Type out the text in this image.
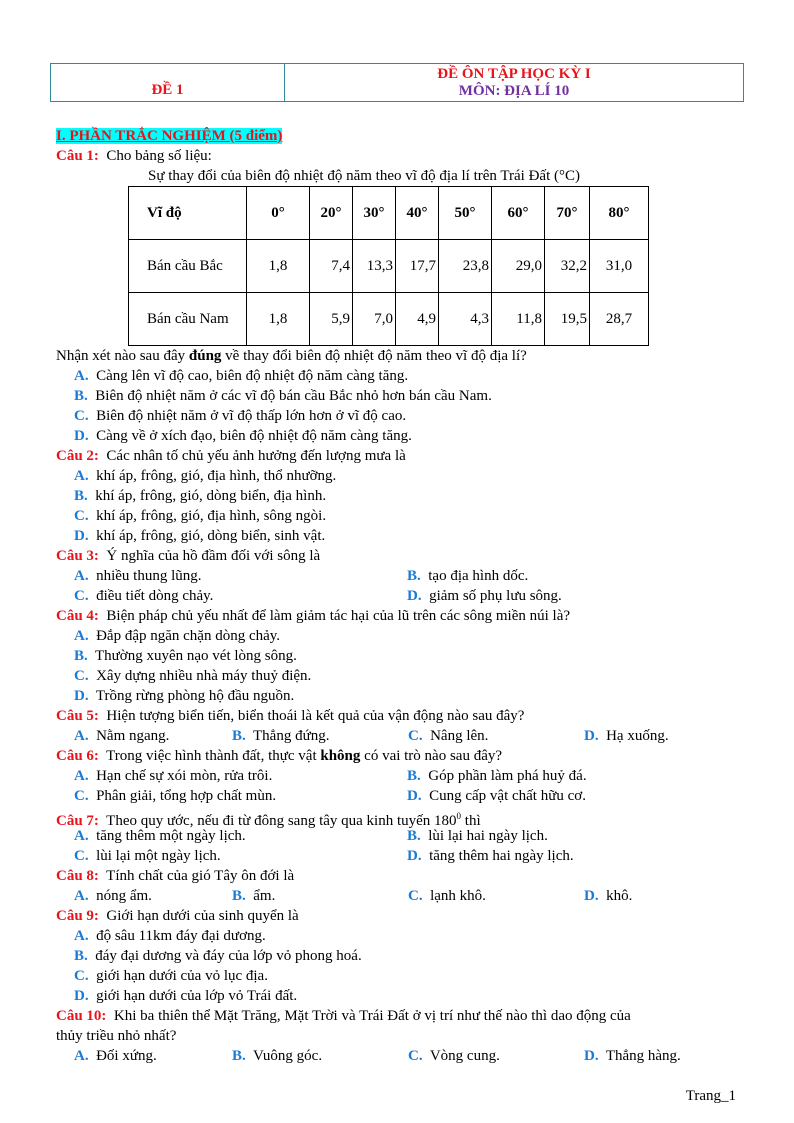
ĐỀ 1
ĐỀ ÔN TẬP HỌC KỲ I
MÔN: ĐỊA LÍ 10
I. PHẦN TRẮC NGHIỆM (5 điểm)
Câu 1: Cho bảng số liệu:
Sự thay đổi của biên độ nhiệt độ năm theo vĩ độ địa lí trên Trái Đất (°C)
Vĩ độ	0°	20°	30°	40°	50°	60°	70°	80°
Bán cầu Bắc	1,8	7,4	13,3	17,7	23,8	29,0	32,2	31,0
Bán cầu Nam	1,8	5,9	7,0	4,9	4,3	11,8	19,5	28,7
Nhận xét nào sau đây đúng về thay đổi biên độ nhiệt độ năm theo vĩ độ địa lí?
A. Càng lên vĩ độ cao, biên độ nhiệt độ năm càng tăng.
B. Biên độ nhiệt năm ở các vĩ độ bán cầu Bắc nhỏ hơn bán cầu Nam.
C. Biên độ nhiệt năm ở vĩ độ thấp lớn hơn ở vĩ độ cao.
D. Càng về ở xích đạo, biên độ nhiệt độ năm càng tăng.
Câu 2: Các nhân tố chủ yếu ảnh hưởng đến lượng mưa là
A. khí áp, frông, gió, địa hình, thổ nhưỡng.
B. khí áp, frông, gió, dòng biển, địa hình.
C. khí áp, frông, gió, địa hình, sông ngòi.
D. khí áp, frông, gió, dòng biển, sinh vật.
Câu 3: Ý nghĩa của hồ đầm đối với sông là
A. nhiều thung lũng.	B. tạo địa hình dốc.
C. điều tiết dòng chảy.	D. giảm số phụ lưu sông.
Câu 4: Biện pháp chủ yếu nhất để làm giảm tác hại của lũ trên các sông miền núi là?
A. Đắp đập ngăn chặn dòng chảy.
B. Thường xuyên nạo vét lòng sông.
C. Xây dựng nhiều nhà máy thuỷ điện.
D. Trồng rừng phòng hộ đầu nguồn.
Câu 5: Hiện tượng biển tiến, biển thoái là kết quả của vận động nào sau đây?
A. Nằm ngang.	B. Thẳng đứng.	C. Nâng lên.	D. Hạ xuống.
Câu 6: Trong việc hình thành đất, thực vật không có vai trò nào sau đây?
A. Hạn chế sự xói mòn, rửa trôi.	B. Góp phần làm phá huỷ đá.
C. Phân giải, tổng hợp chất mùn.	D. Cung cấp vật chất hữu cơ.
Câu 7: Theo quy ước, nếu đi từ đông sang tây qua kinh tuyến $180^0$ thì
A. tăng thêm một ngày lịch.	B. lùi lại hai ngày lịch.
C. lùi lại một ngày lịch.	D. tăng thêm hai ngày lịch.
Câu 8: Tính chất của gió Tây ôn đới là
A. nóng ẩm.	B. ẩm.	C. lạnh khô.	D. khô.
Câu 9: Giới hạn dưới của sinh quyển là
A. độ sâu 11km đáy đại dương.
B. đáy đại dương và đáy của lớp vỏ phong hoá.
C. giới hạn dưới của vỏ lục địa.
D. giới hạn dưới của lớp vỏ Trái đất.
Câu 10: Khi ba thiên thể Mặt Trăng, Mặt Trời và Trái Đất ở vị trí như thế nào thì dao động của
thủy triều nhỏ nhất?
A. Đối xứng.	B. Vuông góc.	C. Vòng cung.	D. Thẳng hàng.
Trang_1
